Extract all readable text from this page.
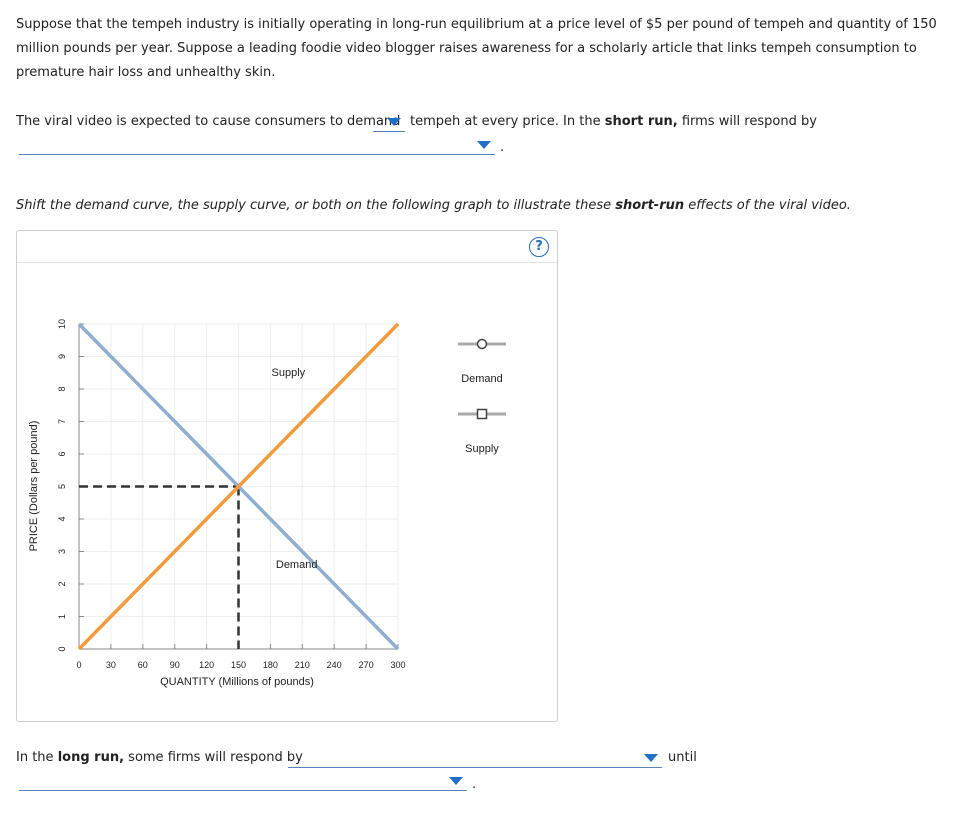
Suppose that the tempeh industry is initially operating in long-run equilibrium at a price level of $5 per pound of tempeh and quantity of 150 million pounds per year. Suppose a leading foodie video blogger raises awareness for a scholarly article that links tempeh consumption to premature hair loss and unhealthy skin.
The viral video is expected to cause consumers to demand tempeh at every price. In the short run, firms will respond by
.
Shift the demand curve, the supply curve, or both on the following graph to illustrate these short-run effects of the viral video.
?
0	30 60 90 120 150 180 210 240 270 300
0
1
2
3
4
5
6
7
8
9
10
QUANTITY (Millions of pounds)
PRICE (Dollars per pound)
Supply
Demand
Demand
Supply
In the long run, some firms will respond by	until
.
